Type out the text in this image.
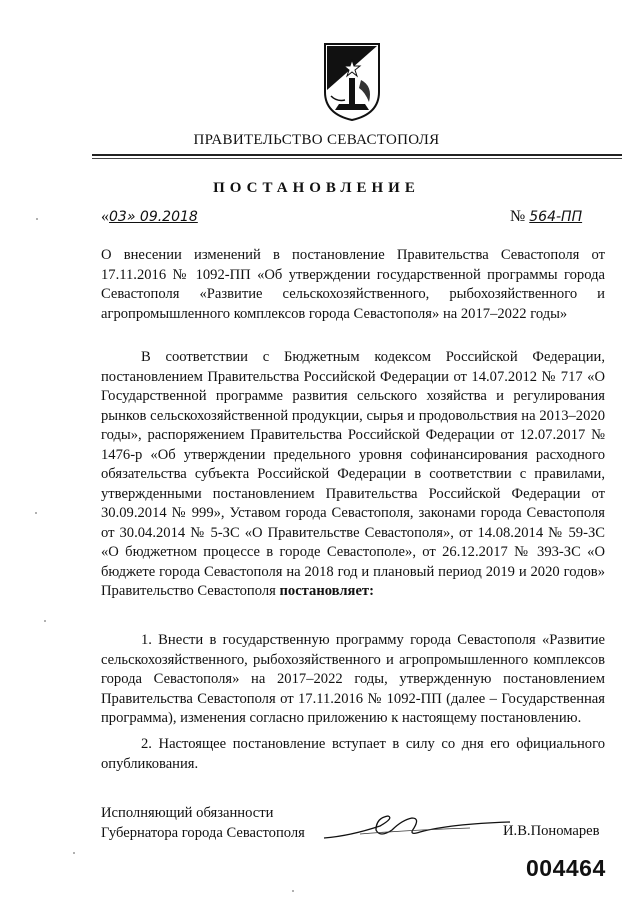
ПРАВИТЕЛЬСТВО СЕВАСТОПОЛЯ
ПОСТАНОВЛЕНИЕ
«03» 09.2018	№ 564-ПП
О внесении изменений в постановление Правительства Севастополя от 17.11.2016 № 1092-ПП «Об утверждении государственной программы города Севастополя «Развитие сельскохозяйственного, рыбохозяйственного и агропромышленного комплексов города Севастополя» на 2017–2022 годы»
В соответствии с Бюджетным кодексом Российской Федерации, постановлением Правительства Российской Федерации от 14.07.2012 № 717 «О Государственной программе развития сельского хозяйства и регулирования рынков сельскохозяйственной продукции, сырья и продовольствия на 2013–2020 годы», распоряжением Правительства Российской Федерации от 12.07.2017 № 1476-р «Об утверждении предельного уровня софинансирования расходного обязательства субъекта Российской Федерации в соответствии с правилами, утвержденными постановлением Правительства Российской Федерации от 30.09.2014 № 999», Уставом города Севастополя, законами города Севастополя от 30.04.2014 № 5-ЗС «О Правительстве Севастополя», от 14.08.2014 № 59-ЗС «О бюджетном процессе в городе Севастополе», от 26.12.2017 № 393-ЗС «О бюджете города Севастополя на 2018 год и плановый период 2019 и 2020 годов» Правительство Севастополя постановляет:
1. Внести в государственную программу города Севастополя «Развитие сельскохозяйственного, рыбохозяйственного и агропромышленного комплексов города Севастополя» на 2017–2022 годы, утвержденную постановлением Правительства Севастополя от 17.11.2016 № 1092-ПП (далее – Государственная программа), изменения согласно приложению к настоящему постановлению.
2. Настоящее постановление вступает в силу со дня его официального опубликования.
Исполняющий обязанности
Губернатора города Севастополя	И.В.Пономарев
004464
